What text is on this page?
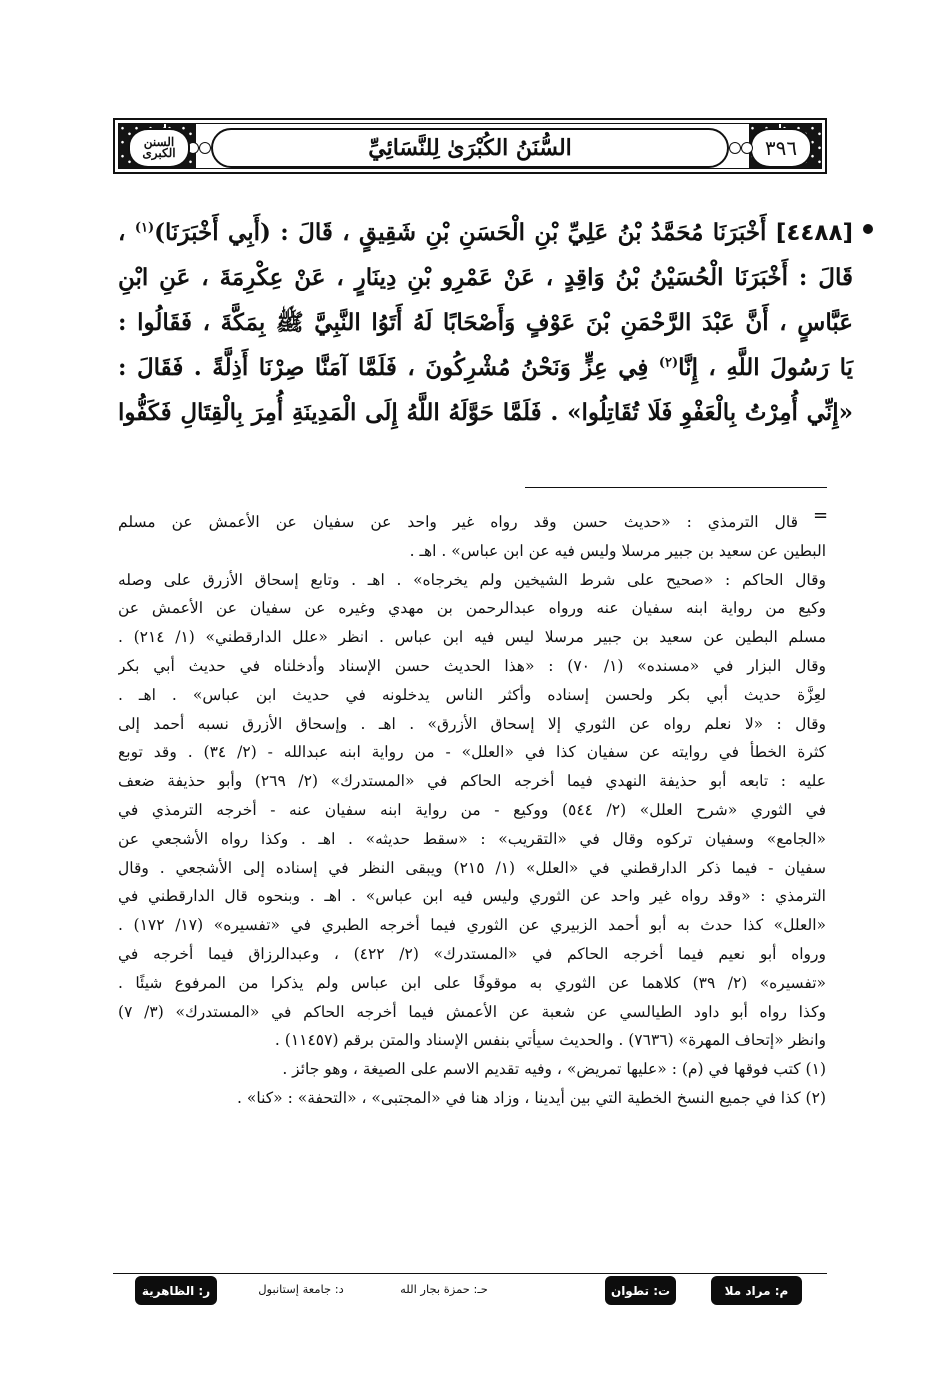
٣٩٦
السُّنَنُ الكُبْرَىٰ لِلنَّسَائِيِّ
السنن الكبرى
[٤٤٨٨] أَخْبَرَنَا مُحَمَّدُ بْنُ عَلِيِّ بْنِ الْحَسَنِ بْنِ شَقِيقٍ ، قَالَ : (أَبِي أَخْبَرَنَا)$^{(١)}$ ،
قَالَ : أَخْبَرَنَا الْحُسَيْنُ بْنُ وَاقِدٍ ، عَنْ عَمْرِو بْنِ دِينَارٍ ، عَنْ عِكْرِمَةَ ، عَنِ ابْنِ
عَبَّاسٍ ، أَنَّ عَبْدَ الرَّحْمَنِ بْنَ عَوْفٍ وَأَصْحَابًا لَهُ أَتَوُا النَّبِيَّ ﷺ بِمَكَّةَ ، فَقَالُوا :
يَا رَسُولَ اللَّهِ ، إِنَّا$^{(٢)}$ فِي عِزٍّ وَنَحْنُ مُشْرِكُونَ ، فَلَمَّا آمَنَّا صِرْنَا أَذِلَّةً . فَقَالَ :
«إِنِّي أُمِرْتُ بِالْعَفْوِ فَلَا تُقَاتِلُوا» . فَلَمَّا حَوَّلَهُ اللَّهُ إِلَى الْمَدِينَةِ أُمِرَ بِالْقِتَالِ فَكَفُّوا
=
قال الترمذي : «حديث حسن وقد رواه غير واحد عن سفيان عن الأعمش عن مسلم
البطين عن سعيد بن جبير مرسلا وليس فيه عن ابن عباس» . اهـ .
وقال الحاكم : «صحيح على شرط الشيخين ولم يخرجاه» . اهـ . وتابع إسحاق الأزرق على وصله
وكيع من رواية ابنه سفيان عنه ورواه عبدالرحمن بن مهدي وغيره عن سفيان عن الأعمش عن
مسلم البطين عن سعيد بن جبير مرسلا ليس فيه ابن عباس . انظر «علل الدارقطني» (١/ ٢١٤) .
وقال البزار في «مسنده» (١/ ٧٠) : «هذا الحديث حسن الإسناد وأدخلناه في حديث أبي بكر
لعِزَّة حديث أبي بكر ولحسن إسناده وأكثر الناس يدخلونه في حديث ابن عباس» . اهـ .
وقال : «لا نعلم رواه عن الثوري إلا إسحاق الأزرق» . اهـ . وإسحاق الأزرق نسبه أحمد إلى
كثرة الخطأ في روايته عن سفيان كذا في «العلل» - من رواية ابنه عبدالله - (٢/ ٣٤) . وقد توبع
عليه : تابعه أبو حذيفة النهدي فيما أخرجه الحاكم في «المستدرك» (٢/ ٢٦٩) وأبو حذيفة ضعف
في الثوري «شرح العلل» (٢/ ٥٤٤) ووكيع - من رواية ابنه سفيان عنه - أخرجه الترمذي في
«الجامع» وسفيان تركوه وقال في «التقريب» : «سقط حديثه» . اهـ . وكذا رواه الأشجعي عن
سفيان - فيما ذكر الدارقطني في «العلل» (١/ ٢١٥) ويبقى النظر في إسناده إلى الأشجعي . وقال
الترمذي : «وقد رواه غير واحد عن الثوري وليس فيه ابن عباس» . اهـ . وبنحوه قال الدارقطني في
«العلل» كذا حدث به أبو أحمد الزبيري عن الثوري فيما أخرجه الطبري في «تفسيره» (١٧/ ١٧٢) .
ورواه أبو نعيم فيما أخرجه الحاكم في «المستدرك» (٢/ ٤٢٢) ، وعبدالرزاق فيما أخرجه في
«تفسيره» (٢/ ٣٩) كلاهما عن الثوري به موقوفًا على ابن عباس ولم يذكرا من المرفوع شيئًا .
وكذا رواه أبو داود الطيالسي عن شعبة عن الأعمش فيما أخرجه الحاكم في «المستدرك» (٣/ ٧)
وانظر «إتحاف المهرة» (٧٦٣٦) . والحديث سيأتي بنفس الإسناد والمتن برقم (١١٤٥٧) .
(١) كتب فوقها في (م) : «عليها تمريض» ، وفيه تقديم الاسم على الصيغة ، وهو جائز .
(٢) كذا في جميع النسخ الخطية التي بين أيدينا ، وزاد هنا في «المجتبى» ، «التحفة» : «كنا» .
م: مراد ملا
ت: تطوان
حـ: حمزة بجار الله
د: جامعة إستانبول
ر: الظاهرية
